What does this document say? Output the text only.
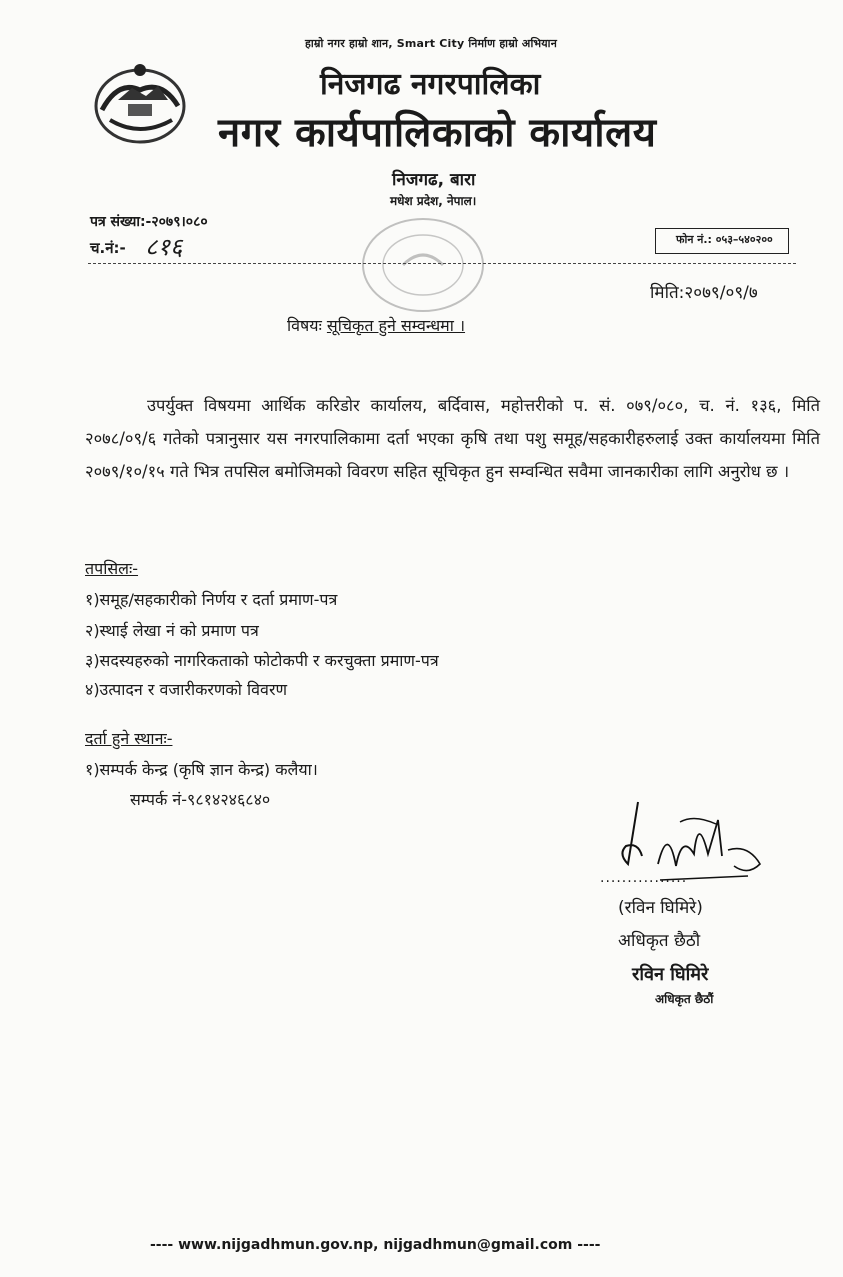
हाम्रो नगर हाम्रो शान, Smart City निर्माण हाम्रो अभियान
निजगढ नगरपालिका
नगर कार्यपालिकाको कार्यालय
निजगढ, बारा
मधेश प्रदेश, नेपाल।
पत्र संख्या:-२०७९।०८०
च.नं:- ८१६	फोन नं.: ०५३–५४०२००
मिति:२०७९/०९/७
विषयः सूचिकृत हुने सम्वन्धमा ।
उपर्युक्त विषयमा आर्थिक करिडोर कार्यालय, बर्दिवास, महोत्तरीको प. सं. ०७९/०८०, च. नं. १३६, मिति २०७८/०९/६ गतेको पत्रानुसार यस नगरपालिकामा दर्ता भएका कृषि तथा पशु समूह/सहकारीहरुलाई उक्त कार्यालयमा मिति २०७९/१०/१५ गते भित्र तपसिल बमोजिमको विवरण सहित सूचिकृत हुन सम्वन्धित सवैमा जानकारीका लागि अनुरोध छ ।
तपसिलः-
१)समूह/सहकारीको निर्णय र दर्ता प्रमाण-पत्र
२)स्थाई लेखा नं को प्रमाण पत्र
३)सदस्यहरुको नागरिकताको फोटोकपी र करचुक्ता प्रमाण-पत्र
४)उत्पादन र वजारीकरणको विवरण
दर्ता हुने स्थानः-
१)सम्पर्क केन्द्र (कृषि ज्ञान केन्द्र) कलैया।
सम्पर्क नं-९८१४२४६८४०
................
(रविन घिमिरे)
अधिकृत छैठौ
रविन घिमिरे
अधिकृत छैठौं
---- www.nijgadhmun.gov.np, nijgadhmun@gmail.com ----
